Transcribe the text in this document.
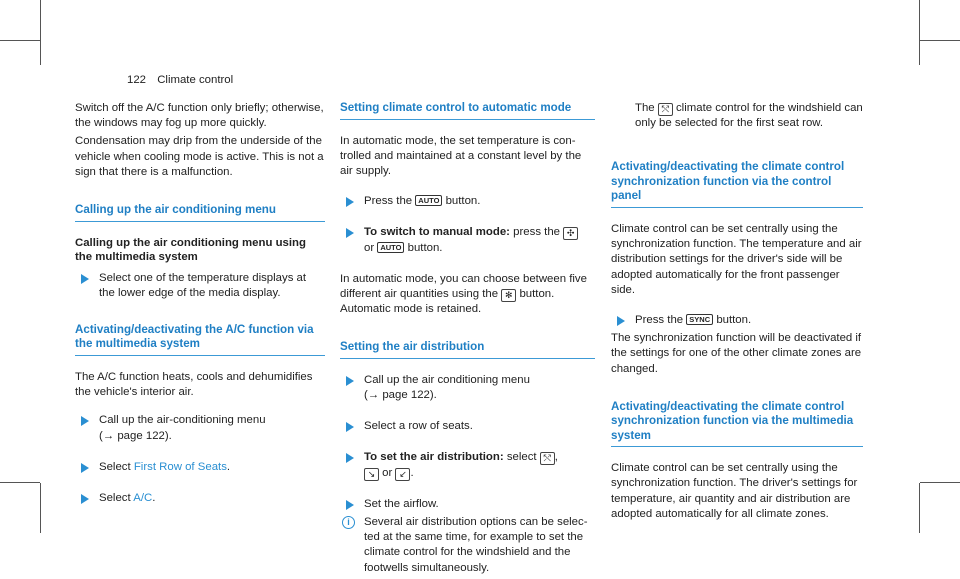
122 Climate control

Switch off the A/C function only briefly; otherwise, the windows may fog up more quickly.

Condensation may drip from the underside of the vehicle when cooling mode is active. This is not a sign that there is a malfunction.

Calling up the air conditioning menu
Calling up the air conditioning menu using the multimedia system
Select one of the temperature displays at the lower edge of the media display.
Activating/deactivating the A/C function via the multimedia system

The A/C function heats, cools and dehumidifies the vehicle's interior air.

Call up the air-conditioning menu
(→ page 122).
Select First Row of Seats.
Select A/C.
Setting climate control to automatic mode

In automatic mode, the set temperature is controlled and maintained at a constant level by the air supply.

Press the AUTO button.
To switch to manual mode: press the ✣
or AUTO button.

In automatic mode, you can choose between five different air quantities using the ✻ button. Automatic mode is retained.

Setting the air distribution
Call up the air conditioning menu
(→ page 122).
Select a row of seats.
To set the air distribution: select ⤲ ,
↘ or ↙ .
Set the airflow.
i	Several air distribution options can be selected at the same time, for example to set the climate control for the windshield and the footwells simultaneously.

The ⤲ climate control for the windshield can only be selected for the first seat row.

Activating/deactivating the climate control synchronization function via the control panel

Climate control can be set centrally using the synchronization function. The temperature and air distribution settings for the driver's side will be adopted automatically for the front passenger side.

Press the SYNC button.

The synchronization function will be deactivated if the settings for one of the other climate zones are changed.

Activating/deactivating the climate control synchronization function via the multimedia system

Climate control can be set centrally using the synchronization function. The driver's settings for temperature, air quantity and air distribution are adopted automatically for all climate zones.
